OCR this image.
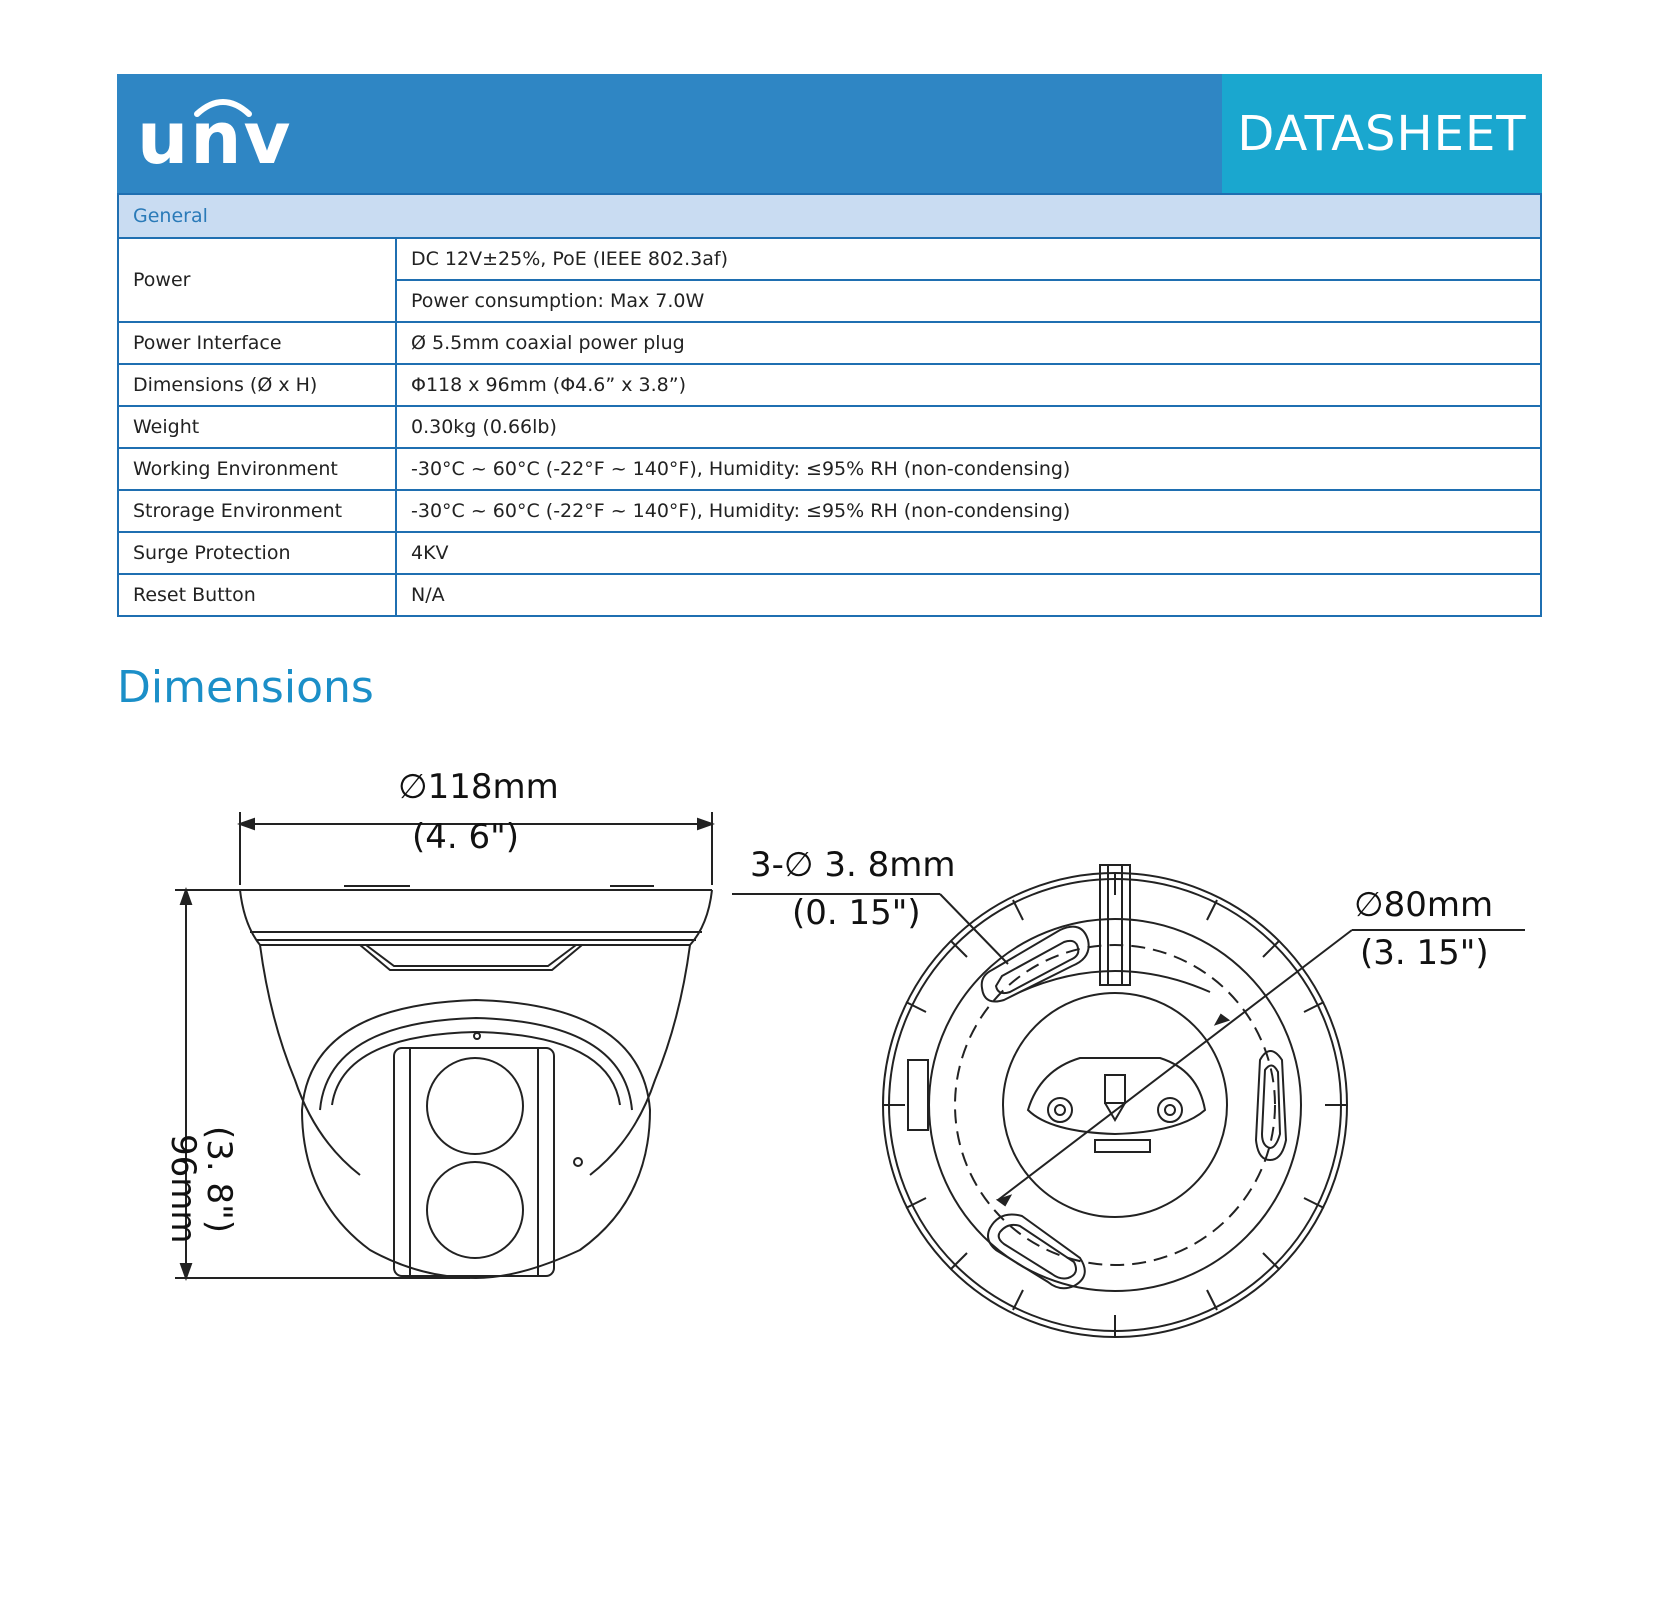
unv	DATASHEET
General	
Power	DC 12V±25%, PoE (IEEE 802.3af)
	Power consumption: Max 7.0W
Power Interface	Ø 5.5mm coaxial power plug
Dimensions (Ø x H)	Φ118 x 96mm (Φ4.6” x 3.8”)
Weight	0.30kg (0.66lb)
Working Environment	-30°C ~ 60°C (-22°F ~ 140°F), Humidity: ≤95% RH (non-condensing)
Strorage Environment	-30°C ~ 60°C (-22°F ~ 140°F), Humidity: ≤95% RH (non-condensing)
Surge Protection	4KV
Reset Button	N/A
Dimensions
∅118mm
(4. 6")
96mm
(3. 8")
3-∅ 3. 8mm
(0. 15")	∅80mm
(3. 15")
